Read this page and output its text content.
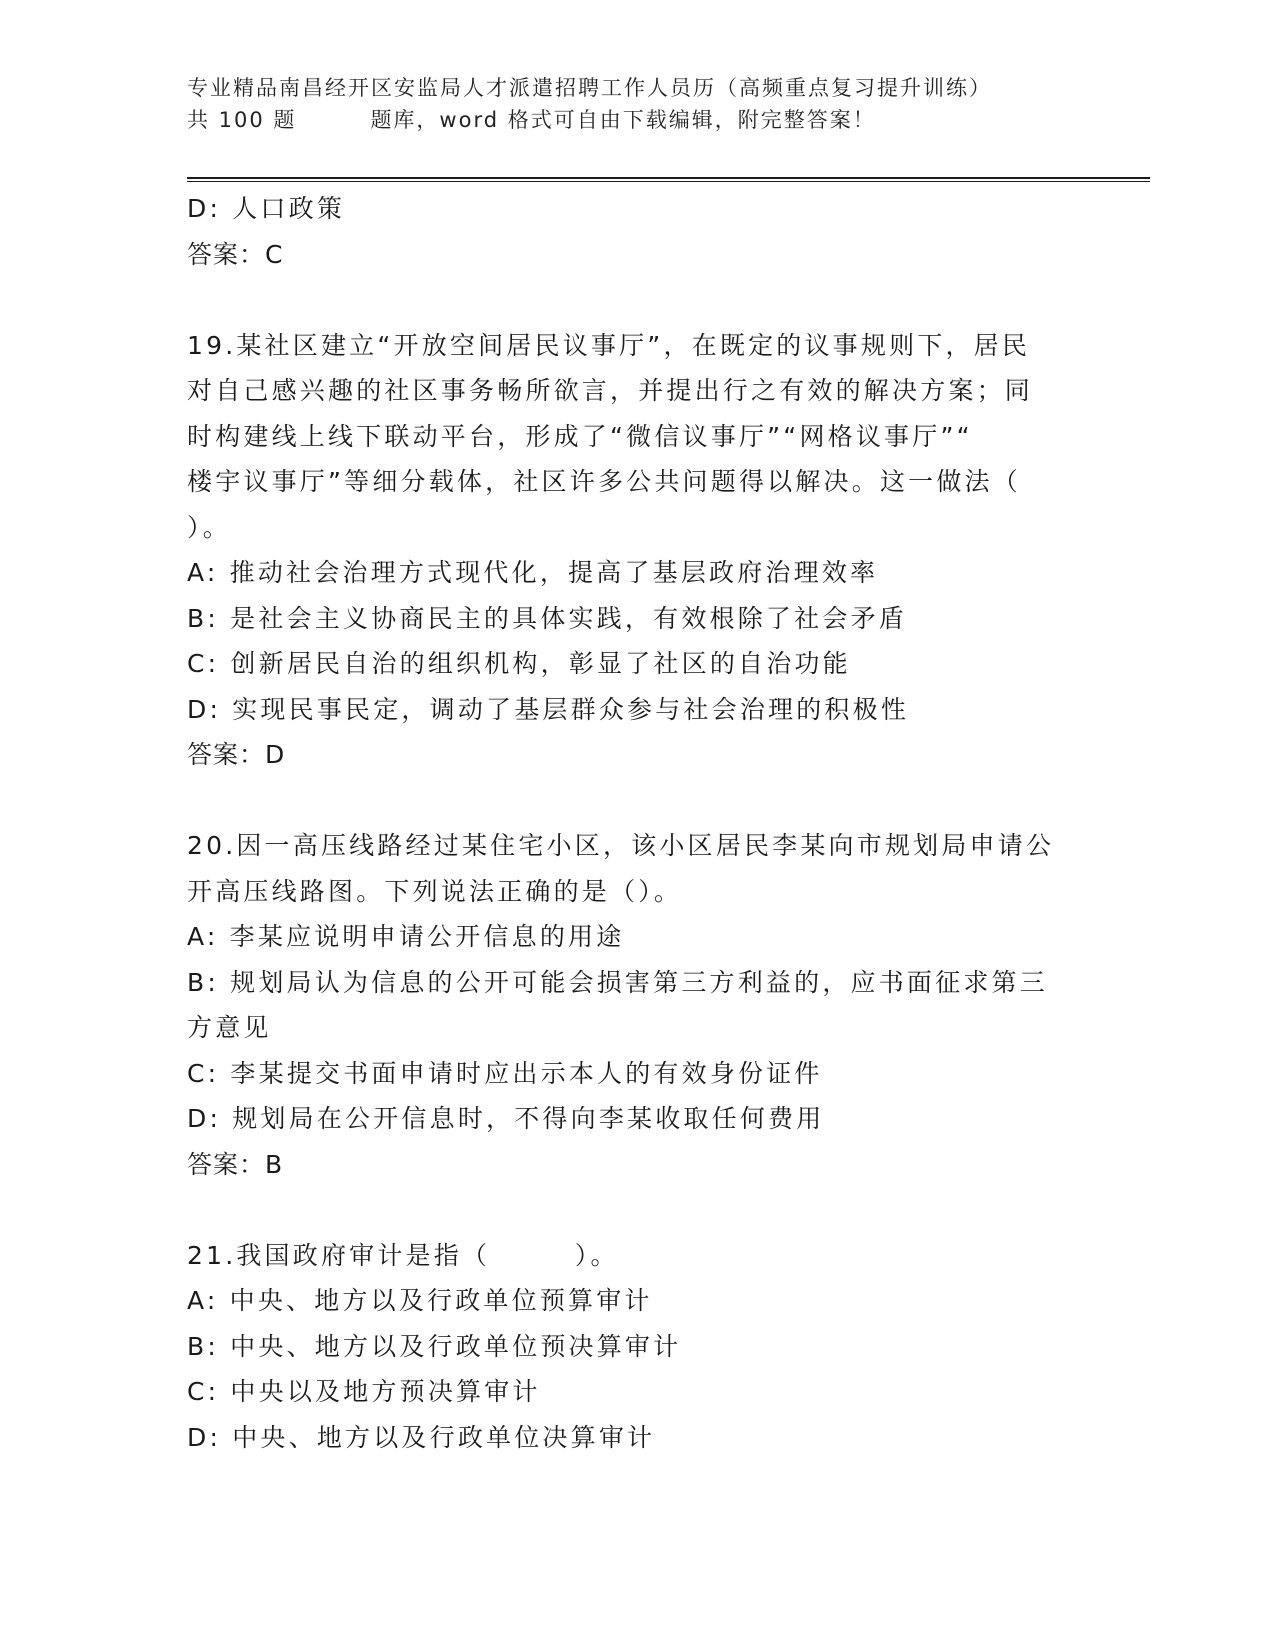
专业精品南昌经开区安监局人才派遣招聘工作人员历（高频重点复习提升训练）
共 100 题	题库，word 格式可自由下载编辑，附完整答案！
D: 人口政策
答案：C
19.某社区建立“开放空间居民议事厅”，在既定的议事规则下，居民
对自己感兴趣的社区事务畅所欲言，并提出行之有效的解决方案；同
时构建线上线下联动平台，形成了“微信议事厅”“网格议事厅”“
楼宇议事厅”等细分载体，社区许多公共问题得以解决。这一做法（
）。
A: 推动社会治理方式现代化，提高了基层政府治理效率
B: 是社会主义协商民主的具体实践，有效根除了社会矛盾
C: 创新居民自治的组织机构，彰显了社区的自治功能
D: 实现民事民定，调动了基层群众参与社会治理的积极性
答案：D
20.因一高压线路经过某住宅小区，该小区居民李某向市规划局申请公
开高压线路图。下列说法正确的是（）。
A: 李某应说明申请公开信息的用途
B: 规划局认为信息的公开可能会损害第三方利益的，应书面征求第三
方意见
C: 李某提交书面申请时应出示本人的有效身份证件
D: 规划局在公开信息时，不得向李某收取任何费用
答案：B
21.我国政府审计是指（　　　）。
A: 中央、地方以及行政单位预算审计
B: 中央、地方以及行政单位预决算审计
C: 中央以及地方预决算审计
D: 中央、地方以及行政单位决算审计
